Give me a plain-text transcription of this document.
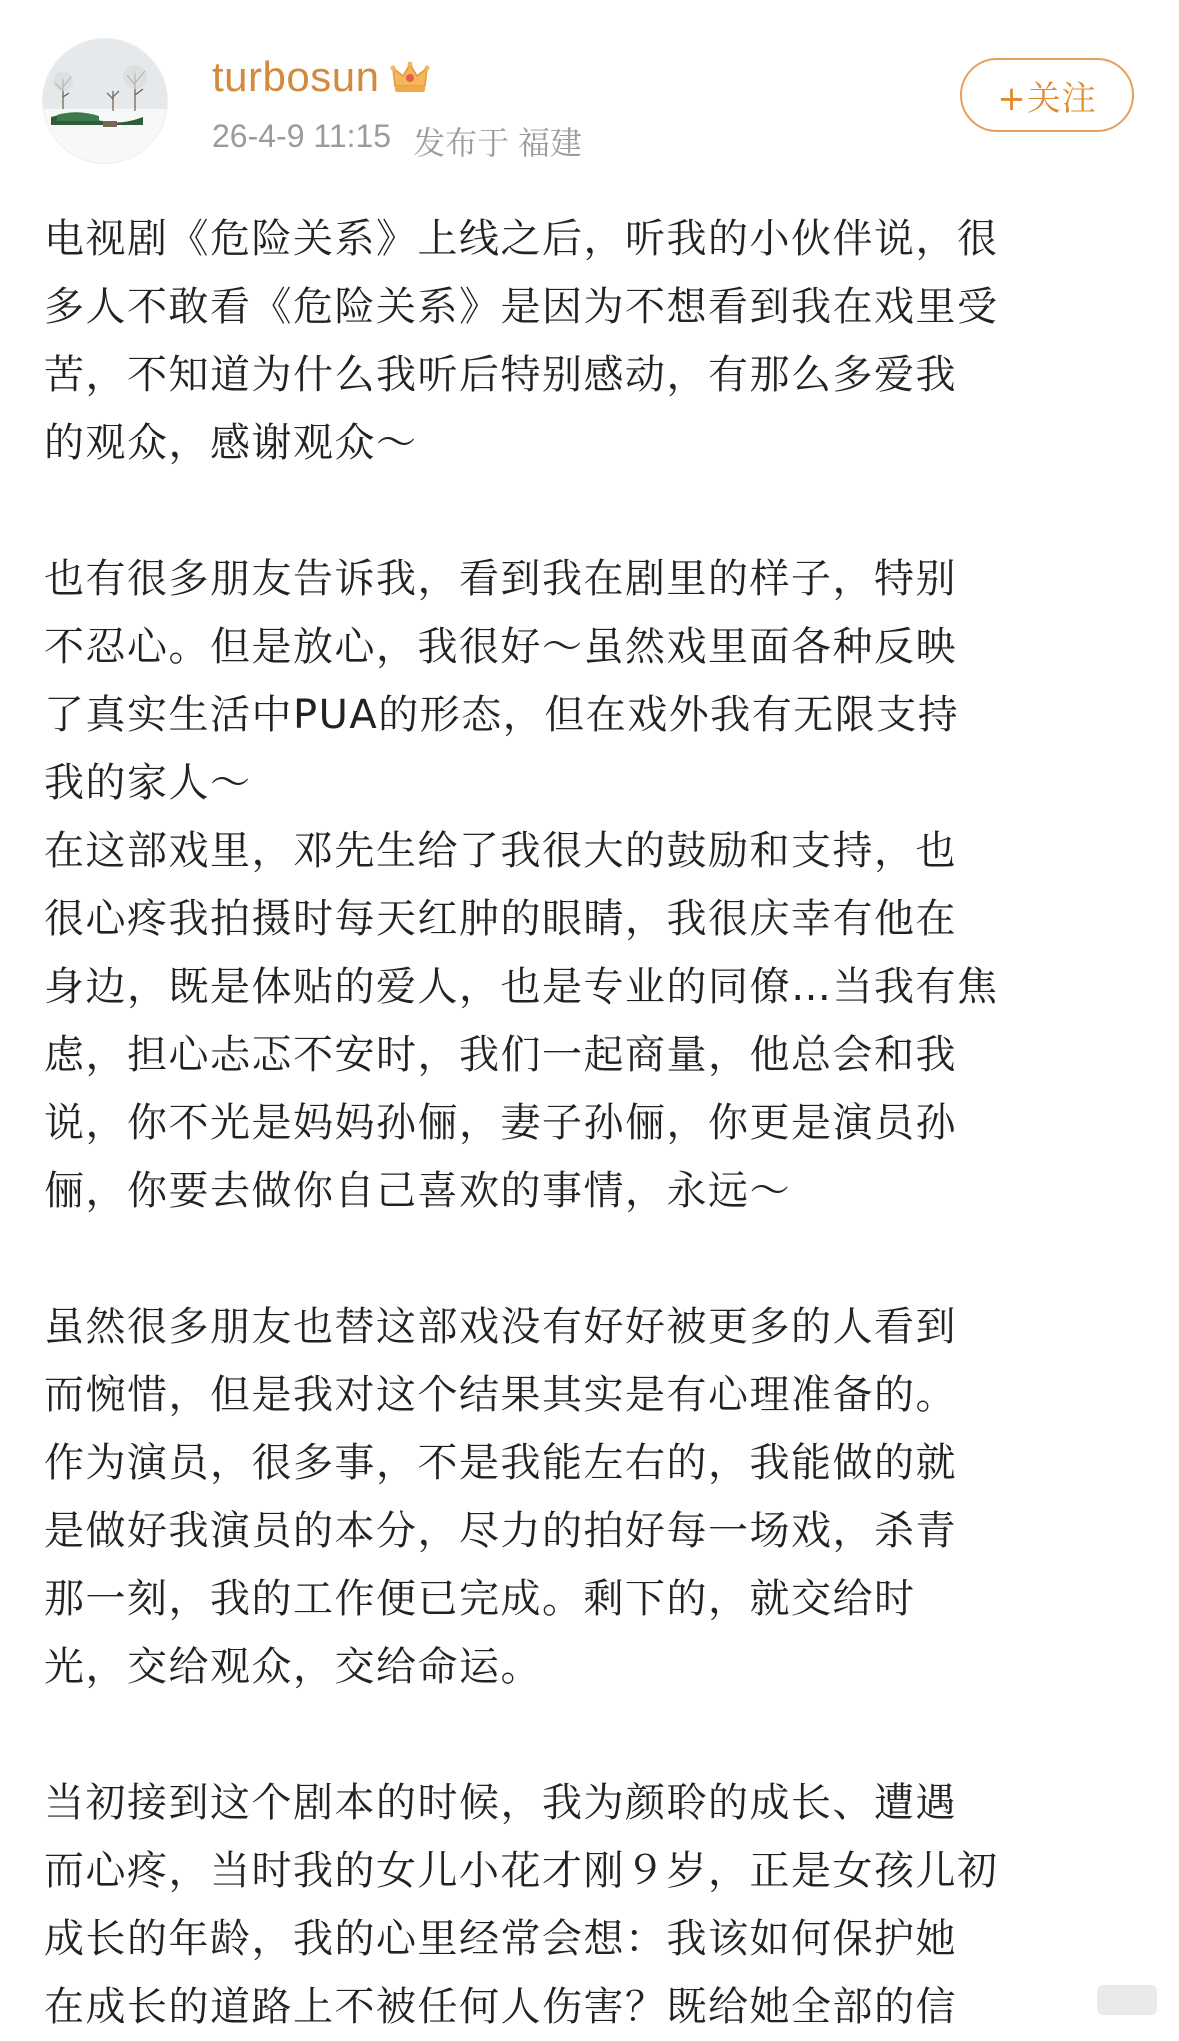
turbosun
26-4-9 11:15 发布于 福建
+关注
电视剧《危险关系》上线之后，听我的小伙伴说，很
多人不敢看《危险关系》是因为不想看到我在戏里受
苦，不知道为什么我听后特别感动，有那么多爱我
的观众，感谢观众～
也有很多朋友告诉我，看到我在剧里的样子，特别
不忍心。但是放心，我很好～虽然戏里面各种反映
了真实生活中PUA的形态，但在戏外我有无限支持
我的家人～
在这部戏里，邓先生给了我很大的鼓励和支持，也
很心疼我拍摄时每天红肿的眼睛，我很庆幸有他在
身边，既是体贴的爱人，也是专业的同僚…当我有焦
虑，担心忐忑不安时，我们一起商量，他总会和我
说，你不光是妈妈孙俪，妻子孙俪，你更是演员孙
俪，你要去做你自己喜欢的事情，永远～
虽然很多朋友也替这部戏没有好好被更多的人看到
而惋惜，但是我对这个结果其实是有心理准备的。
作为演员，很多事，不是我能左右的，我能做的就
是做好我演员的本分，尽力的拍好每一场戏，杀青
那一刻，我的工作便已完成。剩下的，就交给时
光，交给观众，交给命运。
当初接到这个剧本的时候，我为颜聆的成长、遭遇
而心疼，当时我的女儿小花才刚９岁，正是女孩儿初
成长的年龄，我的心里经常会想：我该如何保护她
在成长的道路上不被任何人伤害？既给她全部的信
